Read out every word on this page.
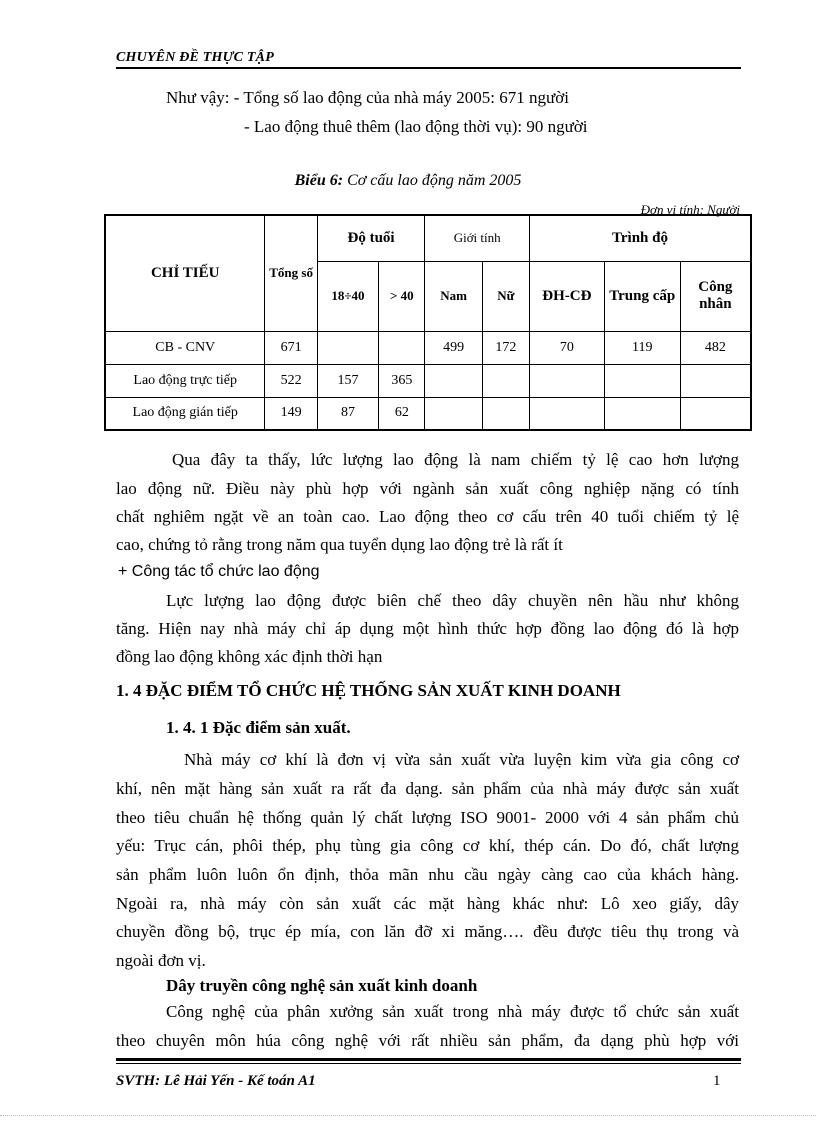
CHUYÊN ĐỀ THỰC TẬP
Như vậy: - Tổng số lao động của nhà máy 2005: 671 người
- Lao động thuê thêm (lao động thời vụ): 90 người
Biểu 6: Cơ cấu lao động năm 2005
Đơn vị tính: Người
CHỈ TIẾU	Tổng số	Độ tuổi		Giới tính		Trình độ		
		18÷40	> 40	Nam	Nữ	ĐH-CĐ	Trung cấp	Công nhân
CB - CNV	671			499	172	70	119	482
Lao động trực tiếp	522	157	365					
Lao động gián tiếp	149	87	62					
Qua đây ta thấy, lức lượng lao động là nam chiếm tỷ lệ cao hơn lượng
lao động nữ. Điều này phù hợp với ngành sản xuất công nghiệp nặng có tính
chất nghiêm ngặt về an toàn cao. Lao động theo cơ cấu trên 40 tuổi chiếm tỷ lệ
cao, chứng tỏ rằng trong năm qua tuyển dụng lao động trẻ là rất ít
+ Công tác tổ chức lao động
Lực lượng lao động được biên chế theo dây chuyền nên hầu như không
tăng. Hiện nay nhà máy chỉ áp dụng một hình thức hợp đồng lao động đó là hợp
đồng lao động không xác định thời hạn
1. 4 ĐẶC ĐIỂM TỔ CHỨC HỆ THỐNG SẢN XUẤT KINH DOANH
1. 4. 1 Đặc điểm sản xuất.
Nhà máy cơ khí là đơn vị vừa sản xuất vừa luyện kim vừa gia công cơ
khí, nên mặt hàng sản xuất ra rất đa dạng. sản phẩm của nhà máy được sản xuất
theo tiêu chuẩn hệ thống quản lý chất lượng ISO 9001- 2000 với 4 sản phẩm chủ
yếu: Trục cán, phôi thép, phụ tùng gia công cơ khí, thép cán. Do đó, chất lượng
sản phẩm luôn luôn ổn định, thỏa mãn nhu cầu ngày càng cao của khách hàng.
Ngoài ra, nhà máy còn sản xuất các mặt hàng khác như: Lô xeo giấy, dây
chuyền đồng bộ, trục ép mía, con lăn đỡ xi măng…. đều được tiêu thụ trong và
ngoài đơn vị.
Dây truyền công nghệ sản xuất kinh doanh
Công nghệ của phân xưởng sản xuất trong nhà máy được tổ chức sản xuất
theo chuyên môn húa công nghệ với rất nhiều sản phẩm, đa dạng phù hợp với
SVTH: Lê Hải Yến - Kế toán A1	1
